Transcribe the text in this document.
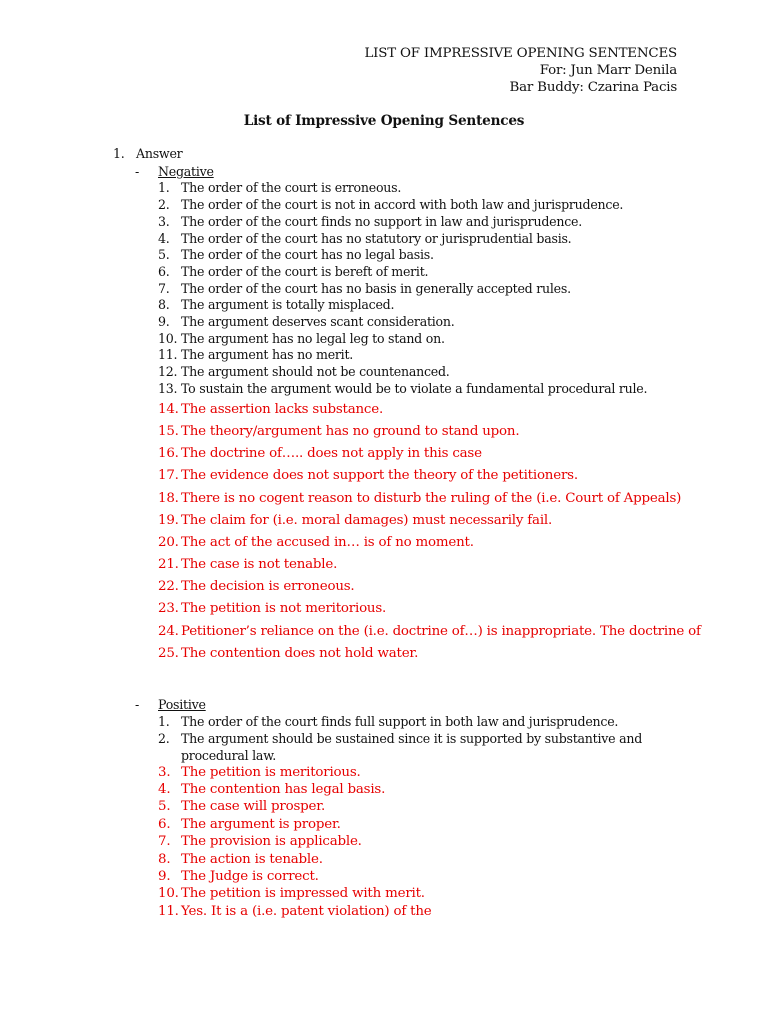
LIST OF IMPRESSIVE OPENING SENTENCES
For: Jun Marr Denila
Bar Buddy: Czarina Pacis
List of Impressive Opening Sentences
1. Answer
- Negative
1. The order of the court is erroneous.
2. The order of the court is not in accord with both law and jurisprudence.
3. The order of the court finds no support in law and jurisprudence.
4. The order of the court has no statutory or jurisprudential basis.
5. The order of the court has no legal basis.
6. The order of the court is bereft of merit.
7. The order of the court has no basis in generally accepted rules.
8. The argument is totally misplaced.
9. The argument deserves scant consideration.
10. The argument has no legal leg to stand on.
11. The argument has no merit.
12. The argument should not be countenanced.
13. To sustain the argument would be to violate a fundamental procedural rule.
14. The assertion lacks substance.
15. The theory/argument has no ground to stand upon.
16. The doctrine of….. does not apply in this case
17. The evidence does not support the theory of the petitioners.
18. There is no cogent reason to disturb the ruling of the (i.e. Court of Appeals)
19. The claim for (i.e. moral damages) must necessarily fail.
20. The act of the accused in… is of no moment.
21. The case is not tenable.
22. The decision is erroneous.
23. The petition is not meritorious.
24. Petitioner’s reliance on the (i.e. doctrine of…) is inappropriate. The doctrine of
25. The contention does not hold water.
- Positive
1. The order of the court finds full support in both law and jurisprudence.
2. The argument should be sustained since it is supported by substantive and
procedural law.
3. The petition is meritorious.
4. The contention has legal basis.
5. The case will prosper.
6. The argument is proper.
7. The provision is applicable.
8. The action is tenable.
9. The Judge is correct.
10. The petition is impressed with merit.
11. Yes. It is a (i.e. patent violation) of the
